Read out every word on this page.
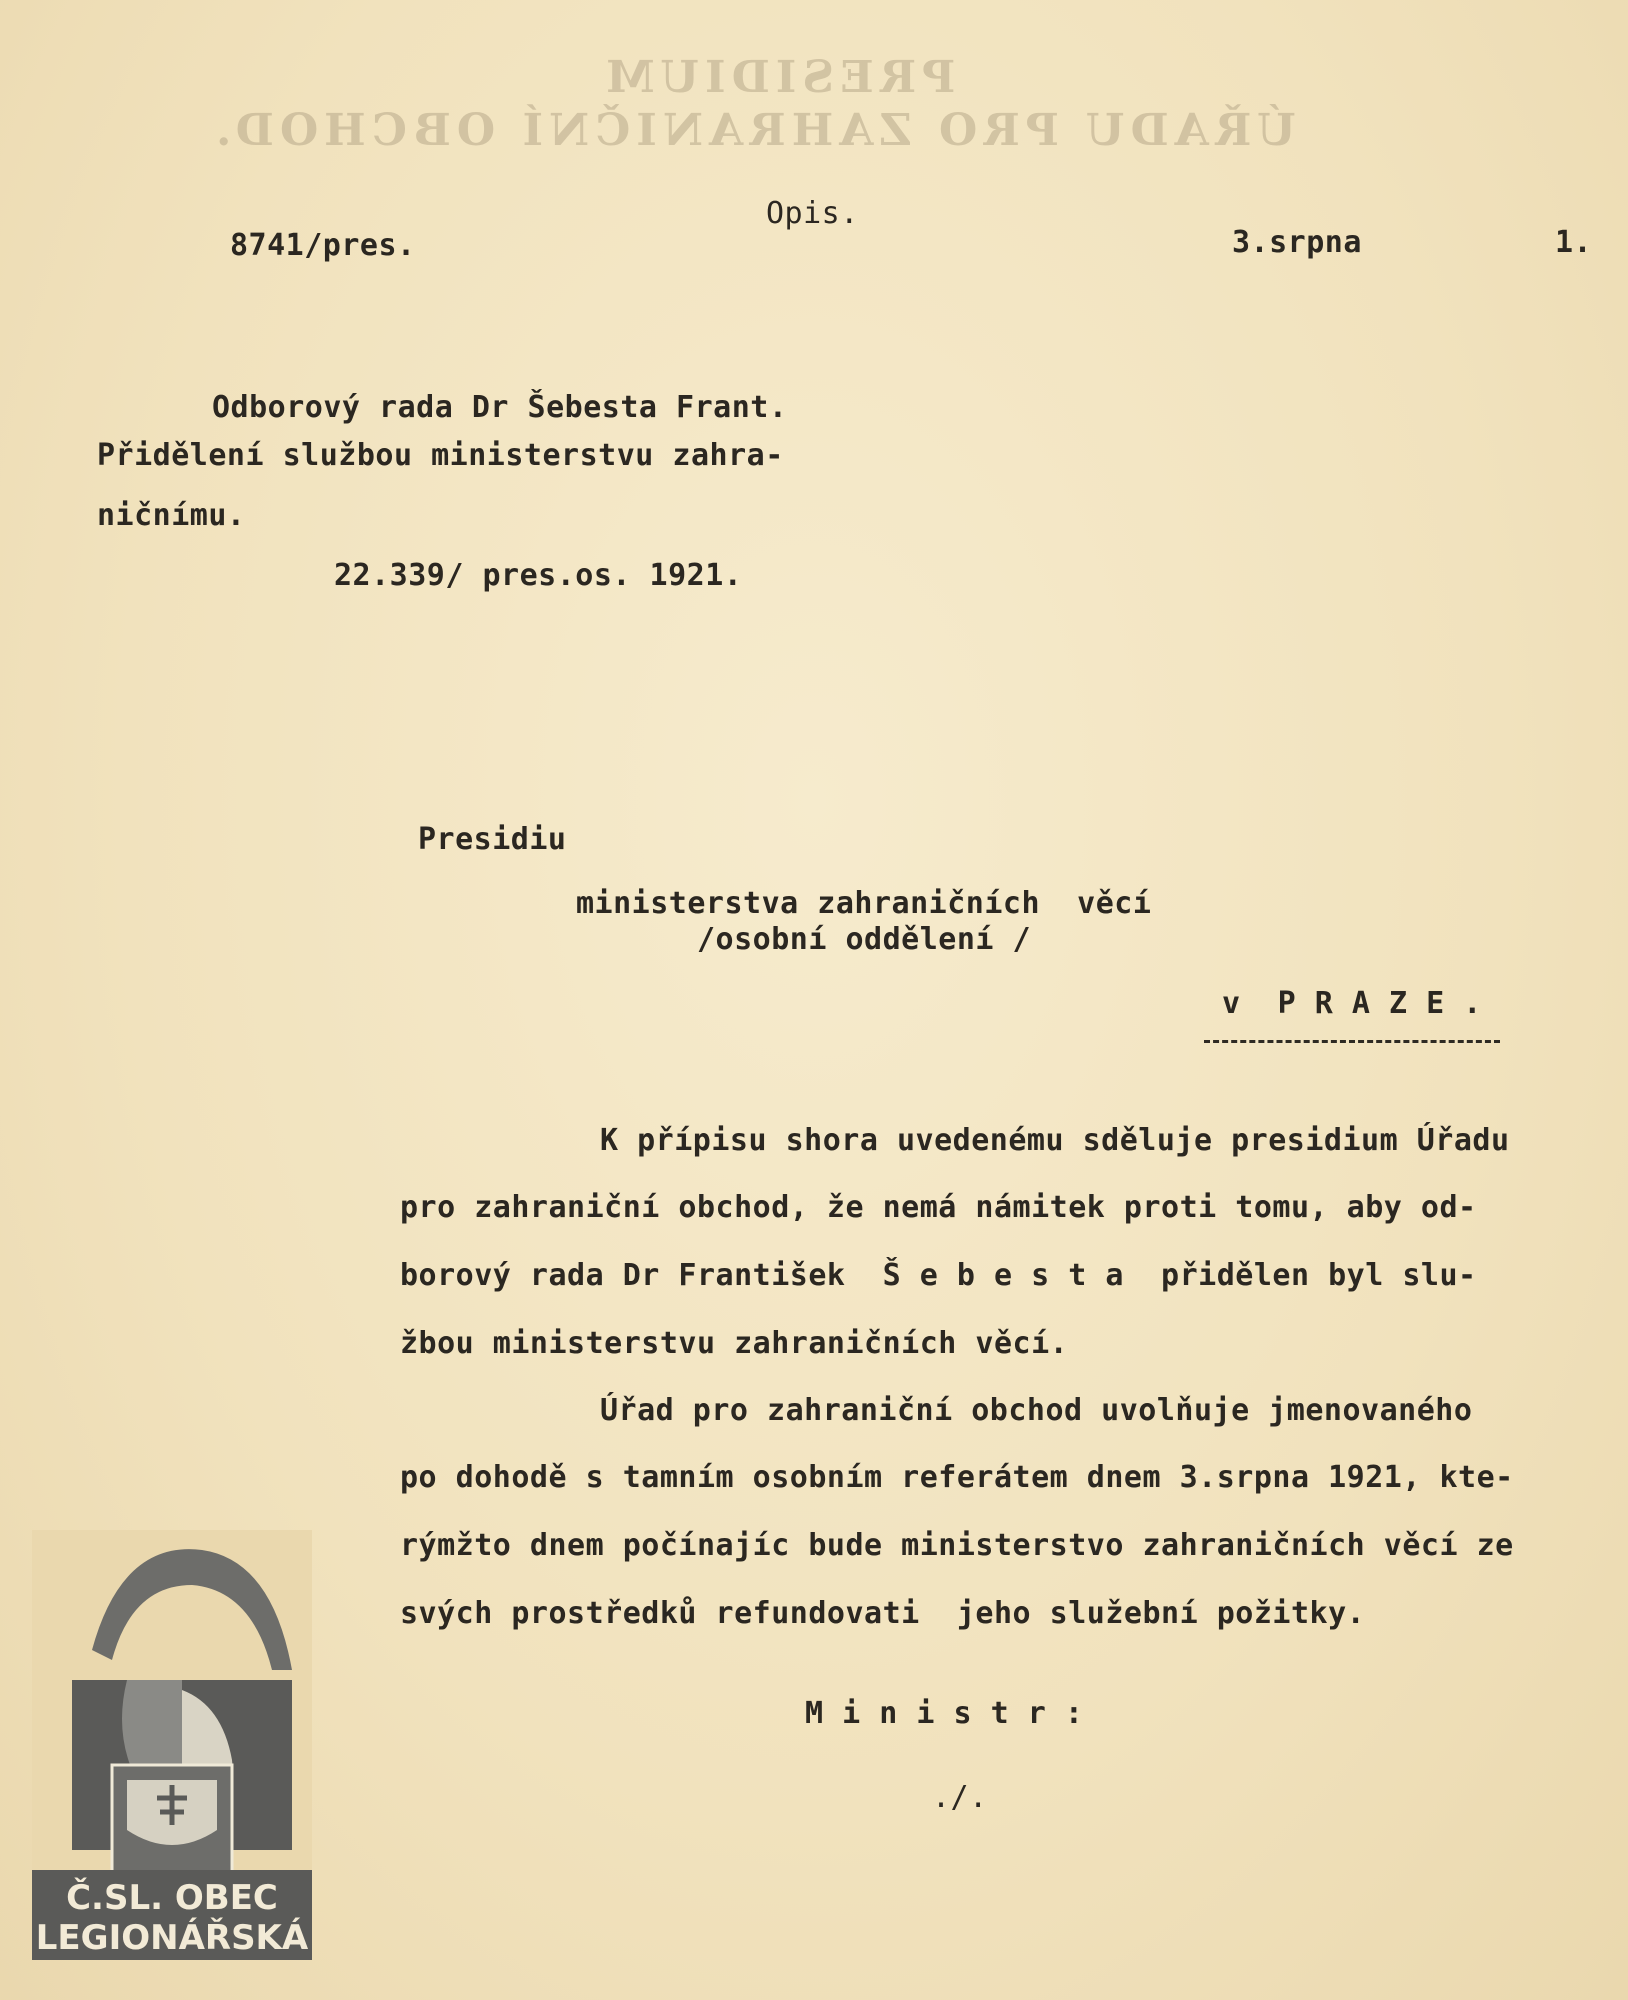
PRESIDIUM
ÚŘADU PRO ZAHRANIČNÍ OBCHOD.
Opis.
8741/pres.	3.srpna	1.
Odborový rada Dr Šebesta Frant.
Přidělení službou ministerstvu zahra-
ničnímu.
22.339/ pres.os. 1921.
Presidiu
ministerstva zahraničních  věcí
/osobní oddělení /
v  P R A Z E .
K přípisu shora uvedenému sděluje presidium Úřadu
pro zahraniční obchod, že nemá námitek proti tomu, aby od-
borový rada Dr František  Š e b e s t a  přidělen byl slu-
žbou ministerstvu zahraničních věcí.
Úřad pro zahraniční obchod uvolňuje jmenovaného
po dohodě s tamním osobním referátem dnem 3.srpna 1921, kte-
rýmžto dnem počínajíc bude ministerstvo zahraničních věcí ze
svých prostředků refundovati  jeho služební požitky.
M i n i s t r :
./.
Č.SL. OBEC
LEGIONÁŘSKÁ
